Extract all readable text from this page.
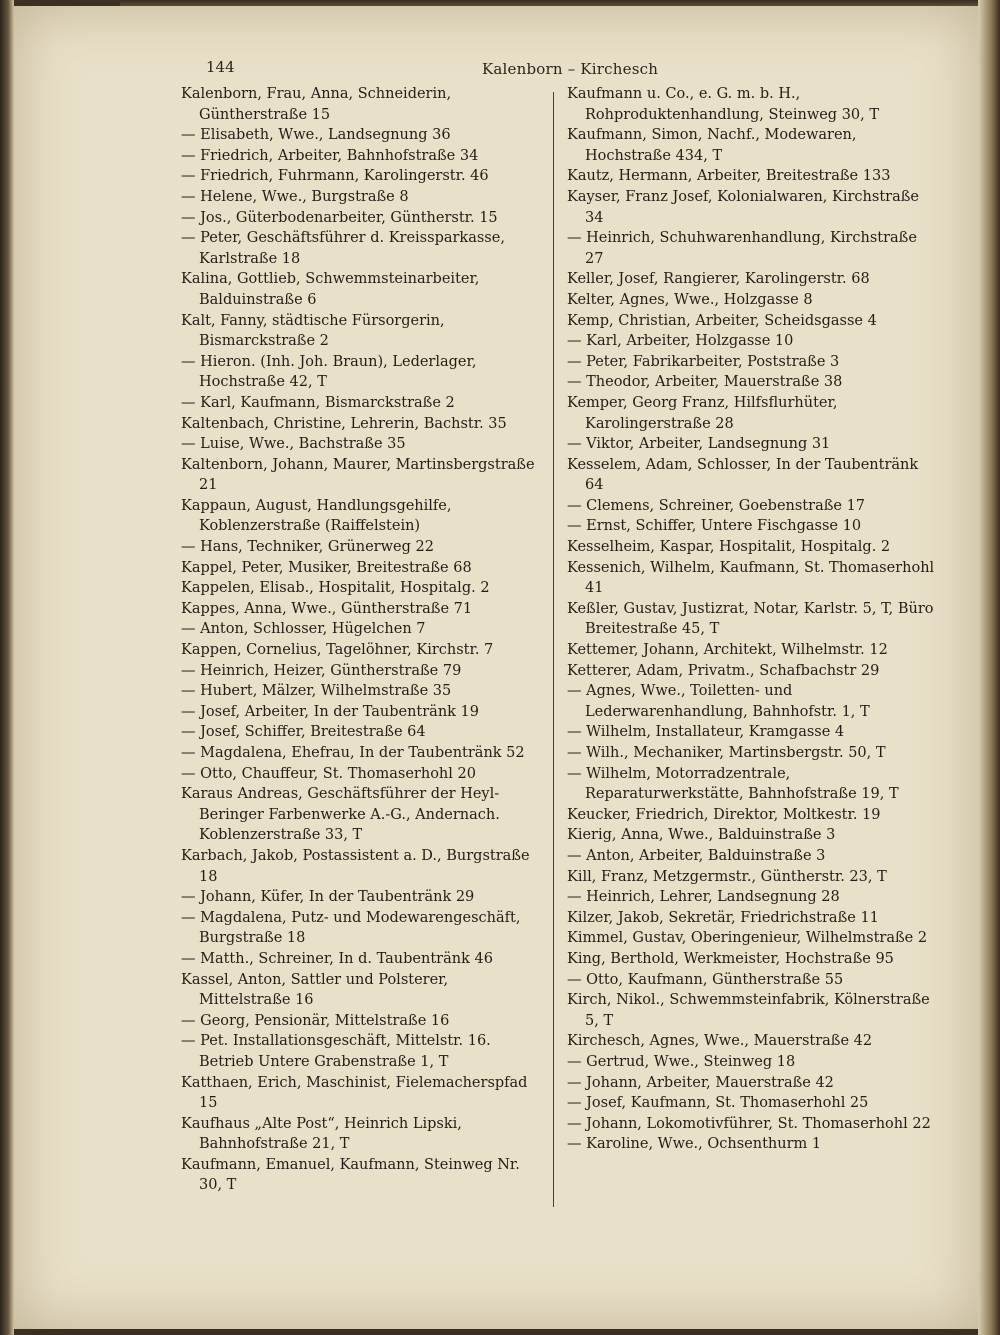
144	Kalenborn – Kirchesch

Kalenborn, Frau, Anna, Schneiderin, Güntherstraße 15

— Elisabeth, Wwe., Landsegnung 36

— Friedrich, Arbeiter, Bahnhofstraße 34

— Friedrich, Fuhrmann, Karolingerstr. 46

— Helene, Wwe., Burgstraße 8

— Jos., Güterbodenarbeiter, Güntherstr. 15

— Peter, Geschäftsführer d. Kreissparkasse, Karlstraße 18

Kalina, Gottlieb, Schwemmsteinarbeiter, Balduinstraße 6

Kalt, Fanny, städtische Fürsorgerin, Bismarckstraße 2

— Hieron. (Inh. Joh. Braun), Lederlager, Hochstraße 42, T

— Karl, Kaufmann, Bismarckstraße 2

Kaltenbach, Christine, Lehrerin, Bachstr. 35

— Luise, Wwe., Bachstraße 35

Kaltenborn, Johann, Maurer, Martinsbergstraße 21

Kappaun, August, Handlungsgehilfe, Koblenzerstraße (Raiffelstein)

— Hans, Techniker, Grünerweg 22

Kappel, Peter, Musiker, Breitestraße 68

Kappelen, Elisab., Hospitalit, Hospitalg. 2

Kappes, Anna, Wwe., Güntherstraße 71

— Anton, Schlosser, Hügelchen 7

Kappen, Cornelius, Tagelöhner, Kirchstr. 7

— Heinrich, Heizer, Güntherstraße 79

— Hubert, Mälzer, Wilhelmstraße 35

— Josef, Arbeiter, In der Taubentränk 19

— Josef, Schiffer, Breitestraße 64

— Magdalena, Ehefrau, In der Taubentränk 52

— Otto, Chauffeur, St. Thomaserhohl 20

Karaus Andreas, Geschäftsführer der Heyl-Beringer Farbenwerke A.-G., Andernach. Koblenzerstraße 33, T

Karbach, Jakob, Postassistent a. D., Burgstraße 18

— Johann, Küfer, In der Taubentränk 29

— Magdalena, Putz- und Modewarengeschäft, Burgstraße 18

— Matth., Schreiner, In d. Taubentränk 46

Kassel, Anton, Sattler und Polsterer, Mittelstraße 16

— Georg, Pensionär, Mittelstraße 16

— Pet. Installationsgeschäft, Mittelstr. 16. Betrieb Untere Grabenstraße 1, T

Katthaen, Erich, Maschinist, Fielemacherspfad 15

Kaufhaus „Alte Post“, Heinrich Lipski, Bahnhofstraße 21, T

Kaufmann, Emanuel, Kaufmann, Steinweg Nr. 30, T

Kaufmann u. Co., e. G. m. b. H., Rohproduktenhandlung, Steinweg 30, T

Kaufmann, Simon, Nachf., Modewaren, Hochstraße 434, T

Kautz, Hermann, Arbeiter, Breitestraße 133

Kayser, Franz Josef, Kolonialwaren, Kirchstraße 34

— Heinrich, Schuhwarenhandlung, Kirchstraße 27

Keller, Josef, Rangierer, Karolingerstr. 68

Kelter, Agnes, Wwe., Holzgasse 8

Kemp, Christian, Arbeiter, Scheidsgasse 4

— Karl, Arbeiter, Holzgasse 10

— Peter, Fabrikarbeiter, Poststraße 3

— Theodor, Arbeiter, Mauerstraße 38

Kemper, Georg Franz, Hilfsflurhüter, Karolingerstraße 28

— Viktor, Arbeiter, Landsegnung 31

Kesselem, Adam, Schlosser, In der Taubentränk 64

— Clemens, Schreiner, Goebenstraße 17

— Ernst, Schiffer, Untere Fischgasse 10

Kesselheim, Kaspar, Hospitalit, Hospitalg. 2

Kessenich, Wilhelm, Kaufmann, St. Thomaserhohl 41

Keßler, Gustav, Justizrat, Notar, Karlstr. 5, T, Büro Breitestraße 45, T

Kettemer, Johann, Architekt, Wilhelmstr. 12

Ketterer, Adam, Privatm., Schafbachstr 29

— Agnes, Wwe., Toiletten- und Lederwarenhandlung, Bahnhofstr. 1, T

— Wilhelm, Installateur, Kramgasse 4

— Wilh., Mechaniker, Martinsbergstr. 50, T

— Wilhelm, Motorradzentrale, Reparaturwerkstätte, Bahnhofstraße 19, T

Keucker, Friedrich, Direktor, Moltkestr. 19

Kierig, Anna, Wwe., Balduinstraße 3

— Anton, Arbeiter, Balduinstraße 3

Kill, Franz, Metzgermstr., Güntherstr. 23, T

— Heinrich, Lehrer, Landsegnung 28

Kilzer, Jakob, Sekretär, Friedrichstraße 11

Kimmel, Gustav, Oberingenieur, Wilhelmstraße 2

King, Berthold, Werkmeister, Hochstraße 95

— Otto, Kaufmann, Güntherstraße 55

Kirch, Nikol., Schwemmsteinfabrik, Kölnerstraße 5, T

Kirchesch, Agnes, Wwe., Mauerstraße 42

— Gertrud, Wwe., Steinweg 18

— Johann, Arbeiter, Mauerstraße 42

— Josef, Kaufmann, St. Thomaserhohl 25

— Johann, Lokomotivführer, St. Thomaserhohl 22

— Karoline, Wwe., Ochsenthurm 1
